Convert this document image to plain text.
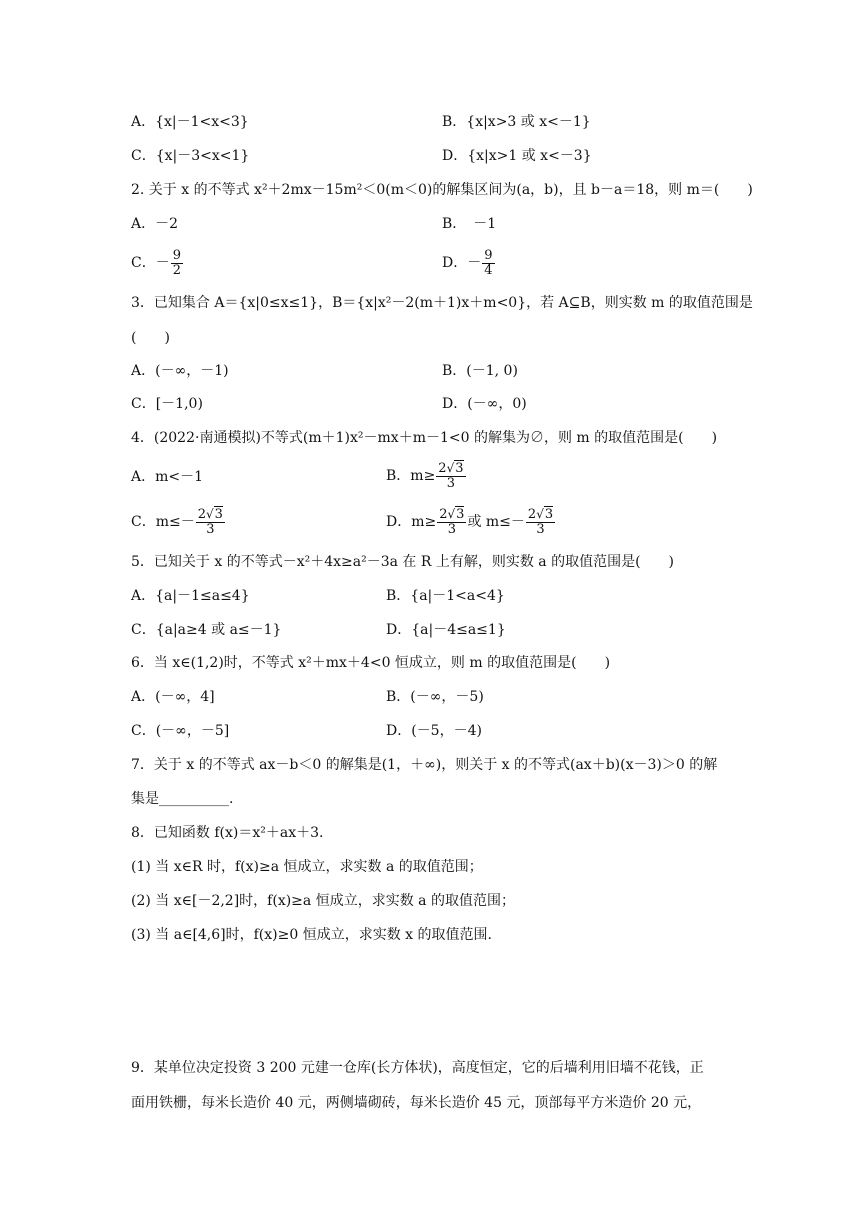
A．{x|－1<x<3}	B．{x|x>3 或 x<－1}
C．{x|－3<x<1}	D．{x|x>1 或 x<－3}
2. 关于 x 的不等式 x²＋2mx－15m²＜0(m＜0)的解集区间为(a，b)，且 b－a＝18，则 m＝(　　)
A．－2	B．　－1
C．－ $\frac{9}{2}$	D．－ $\frac{9}{4}$
3．已知集合 A＝{x|0≤x≤1}，B＝{x|x²－2(m＋1)x＋m<0}，若 A⊆B，则实数 m 的取值范围是
(　　)
A．(－∞，－1)	B．(－1, 0)
C．[－1,0)	D．(－∞，0)
4．(2022·南通模拟)不等式(m＋1)x²－mx＋m－1<0 的解集为∅，则 m 的取值范围是(　　)
A．m<－1	B．$m\ge \frac{2√3}{3}$
C．$m\le- \frac{2√3}{3}$	D．$m\ge \frac{2√3}{3}$ 或 $m\le- \frac{2√3}{3}$
5．已知关于 x 的不等式－x²＋4x≥a²－3a 在 R 上有解，则实数 a 的取值范围是(　　)
A．{a|－1≤a≤4}	B．{a|－1<a<4}
C．{a|a≥4 或 a≤－1}	D．{a|－4≤a≤1}
6．当 x∈(1,2)时，不等式 x²＋mx＋4<0 恒成立，则 m 的取值范围是(　　)
A．(－∞，4]	B．(－∞，－5)
C．(－∞，－5]	D．(－5，－4)
7．关于 x 的不等式 ax－b＜0 的解集是(1，＋∞)，则关于 x 的不等式(ax＋b)(x－3)＞0 的解
集是__________.
8．已知函数 f(x)＝x²＋ax＋3.
(1) 当 x∈R 时，f(x)≥a 恒成立，求实数 a 的取值范围；
(2) 当 x∈[－2,2]时，f(x)≥a 恒成立，求实数 a 的取值范围；
(3) 当 a∈[4,6]时，f(x)≥0 恒成立，求实数 x 的取值范围.
9．某单位决定投资 3 200 元建一仓库(长方体状)，高度恒定，它的后墙利用旧墙不花钱，正
面用铁栅，每米长造价 40 元，两侧墙砌砖，每米长造价 45 元，顶部每平方米造价 20 元，
